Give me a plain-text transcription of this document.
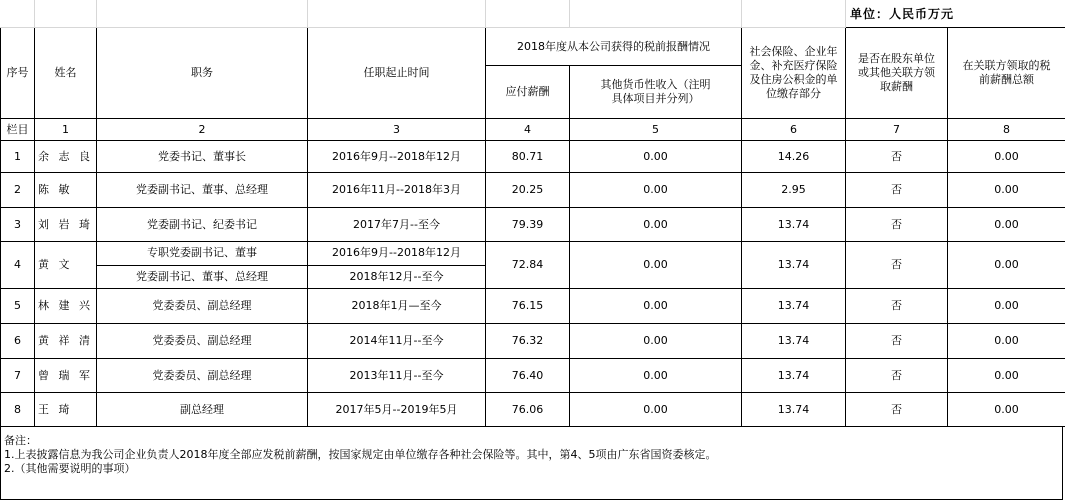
							单位：人民币万元	
序号	姓名	职务	任职起止时间	2018年度从本公司获得的税前报酬情况		社会保险、企业年金、补充医疗保险及住房公积金的单位缴存部分	是否在股东单位或其他关联方领取薪酬	在关联方领取的税前薪酬总额
				应付薪酬	其他货币性收入（注明具体项目并分列）			
栏目	1	2	3	4	5	6	7	8
1	余 志 良	党委书记、董事长	2016年9月--2018年12月	80.71	0.00	14.26	否	0.00
2	陈 敏	党委副书记、董事、总经理	2016年11月--2018年3月	20.25	0.00	2.95	否	0.00
3	刘 岩 琦	党委副书记、纪委书记	2017年7月--至今	79.39	0.00	13.74	否	0.00
4	黄 文	专职党委副书记、董事	2016年9月--2018年12月	72.84	0.00	13.74	否	0.00
		党委副书记、董事、总经理	2018年12月--至今					
5	林 建 兴	党委委员、副总经理	2018年1月—至今	76.15	0.00	13.74	否	0.00
6	黄 祥 清	党委委员、副总经理	2014年11月--至今	76.32	0.00	13.74	否	0.00
7	曾 瑞 军	党委委员、副总经理	2013年11月--至今	76.40	0.00	13.74	否	0.00
8	王 琦	副总经理	2017年5月--2019年5月	76.06	0.00	13.74	否	0.00
备注：
1.上表披露信息为我公司企业负责人2018年度全部应发税前薪酬，按国家规定由单位缴存各种社会保险等。其中，第4、5项由广东省国资委核定。
2.（其他需要说明的事项）
